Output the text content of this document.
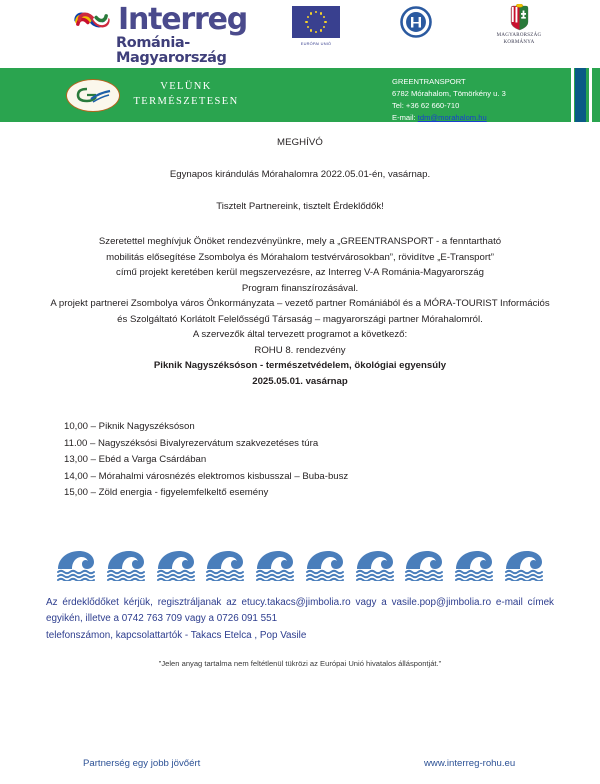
Interreg
Románia-Magyarország
EURÓPAI UNIÓ
MAGYARORSZÁG
KORMÁNYA
VELÜNK
TERMÉSZETESEN
GREENTRANSPORT
6782 Mórahalom, Tömörkény u. 3
Tel: +36 62 660-710
E-mail: tdm@morahalom.hu
MEGHÍVÓ
Egynapos kirándulás Mórahalomra 2022.05.01-én, vasárnap.
Tisztelt Partnereink, tisztelt Érdeklődők!
Szeretettel meghívjuk Önöket rendezvényünkre, mely a „GREENTRANSPORT - a fenntartható
mobilitás elősegítése Zsombolya és Mórahalom testvérvárosokban”, rövidítve „E-Transport”
című projekt keretében kerül megszervezésre, az Interreg V-A Románia-Magyarország
Program finanszírozásával.
A projekt partnerei Zsombolya város Önkormányzata – vezető partner Romániából és a MÓRA-TOURIST Információs és Szolgáltató Korlátolt Felelősségű Társaság – magyarországi partner Mórahalomról.
A szervezők által tervezett programot a következő:
ROHU 8. rendezvény
Piknik Nagyszéksóson - természetvédelem, ökológiai egyensúly
2025.05.01. vasárnap
10,00 – Piknik Nagyszéksóson
11.00 – Nagyszéksósi Bivalyrezervátum szakvezetéses túra
13,00 – Ebéd a Varga Csárdában
14,00 – Mórahalmi városnézés elektromos kisbusszal – Buba-busz
15,00 – Zöld energia - figyelemfelkeltő esemény
Az érdeklődőket kérjük, regisztráljanak az etucy.takacs@jimbolia.ro vagy a vasile.pop@jimbolia.ro e-mail címek egyikén, illetve a 0742 763 709 vagy a 0726 091 551
telefonszámon, kapcsolattartók - Takacs Etelca , Pop Vasile
”Jelen anyag tartalma nem feltétlenül tükrözi az Európai Unió hivatalos álláspontját.”
Partnerség egy jobb jövőért	www.interreg-rohu.eu
